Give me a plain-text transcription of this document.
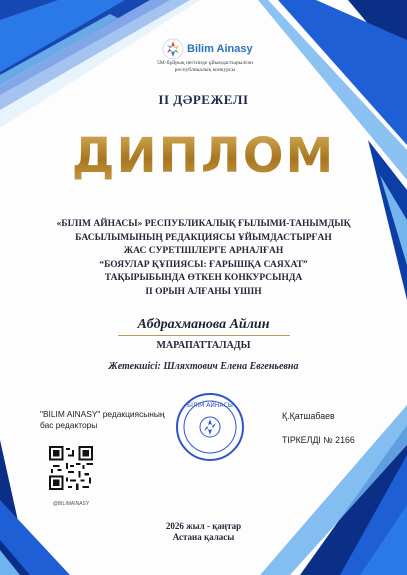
Bilim Ainasy
5M-бұйрық негізінде ұйымдастырылған
республикалық конкурсы
ІІ ДӘРЕЖЕЛІ
ДИПЛОМ
«БІЛІМ АЙНАСЫ» РЕСПУБЛИКАЛЫҚ ҒЫЛЫМИ-ТАНЫМДЫҚ
БАСЫЛЫМЫНЫҢ РЕДАКЦИЯСЫ ҰЙЫМДАСТЫРҒАН
ЖАС СУРЕТШІЛЕРГЕ АРНАЛҒАН
“БОЯУЛАР ҚҰПИЯСЫ: ҒАРЫШҚА САЯХАТ”
ТАҚЫРЫБЫНДА ӨТКЕН КОНКУРСЫНДА
ІІ ОРЫН АЛҒАНЫ ҮШІН
Абдрахманова Айлин
МАРАПАТТАЛАДЫ
Жетекшісі: Шляхтович Елена Евгеньевна
"BILIM AINASY" редакциясының
бас редакторы
БІЛІМ АЙНАСЫ
Қ.Қатшабаев
ТІРКЕЛДІ № 2166
@BILIMAINASY
2026 жыл - қаңтар
Астана қаласы
